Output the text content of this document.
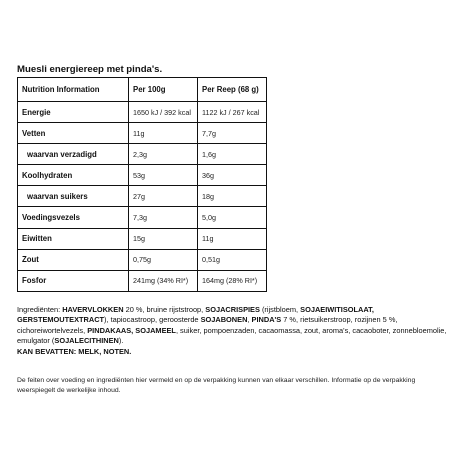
Muesli energiereep met pinda's.
Nutrition Information	Per 100g	Per Reep (68 g)
Energie	1650 kJ / 392 kcal	1122 kJ / 267 kcal
Vetten	11g	7,7g
waarvan verzadigd	2,3g	1,6g
Koolhydraten	53g	36g
waarvan suikers	27g	18g
Voedingsvezels	7,3g	5,0g
Eiwitten	15g	11g
Zout	0,75g	0,51g
Fosfor	241mg (34% RI*)	164mg (28% RI*)
Ingrediënten: HAVERVLOKKEN 20 %, bruine rijststroop, SOJACRISPIES (rijstbloem, SOJAEIWITISOLAAT, GERSTEMOUTEXTRACT), tapiocastroop, geroosterde SOJABONEN, PINDA'S 7 %, rietsuikerstroop, rozijnen 5 %, cichoreiwortelvezels, PINDAKAAS, SOJAMEEL, suiker, pompoenzaden, cacaomassa, zout, aroma's, cacaoboter, zonnebloemolie, emulgator (SOJALECITHINEN).
KAN BEVATTEN: MELK, NOTEN.
De feiten over voeding en ingrediënten hier vermeld en op de verpakking kunnen van elkaar verschillen. Informatie op de verpakking weerspiegelt de werkelijke inhoud.
